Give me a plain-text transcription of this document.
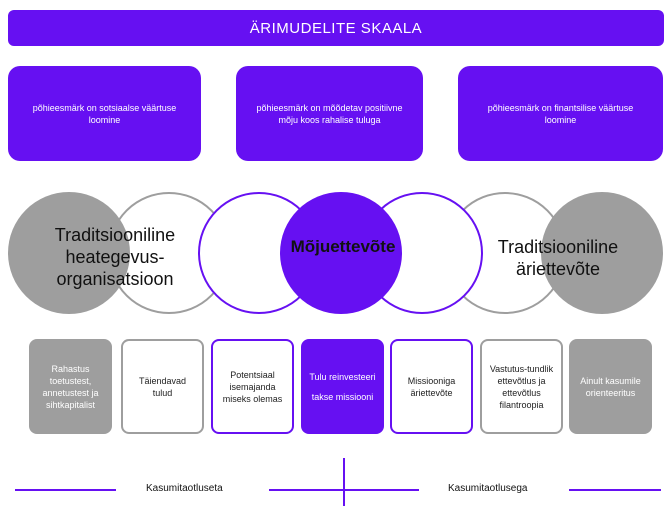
ÄRIMUDELITE SKAALA
põhieesmärk on sotsiaalse väärtuse loomine
põhieesmärk on mõõdetav positiivne mõju koos rahalise tuluga
põhieesmärk on finantsilise väärtuse loomine
Traditsiooniline heategevus-organisatsioon
Mõjuettevõte	Traditsiooniline äriettevõte
Rahastus toetustest, annetustest ja sihtkapitalist
Täiendavad tulud
Potentsiaal isemajanda miseks olemas
Tulu reinvesteeri
takse missiooni
Missiooniga äriettevõte
Vastutus-tundlik ettevõtlus ja ettevõtlus filantroopia
Ainult kasumile orienteeritus
Kasumitaotluseta	Kasumitaotlusega
